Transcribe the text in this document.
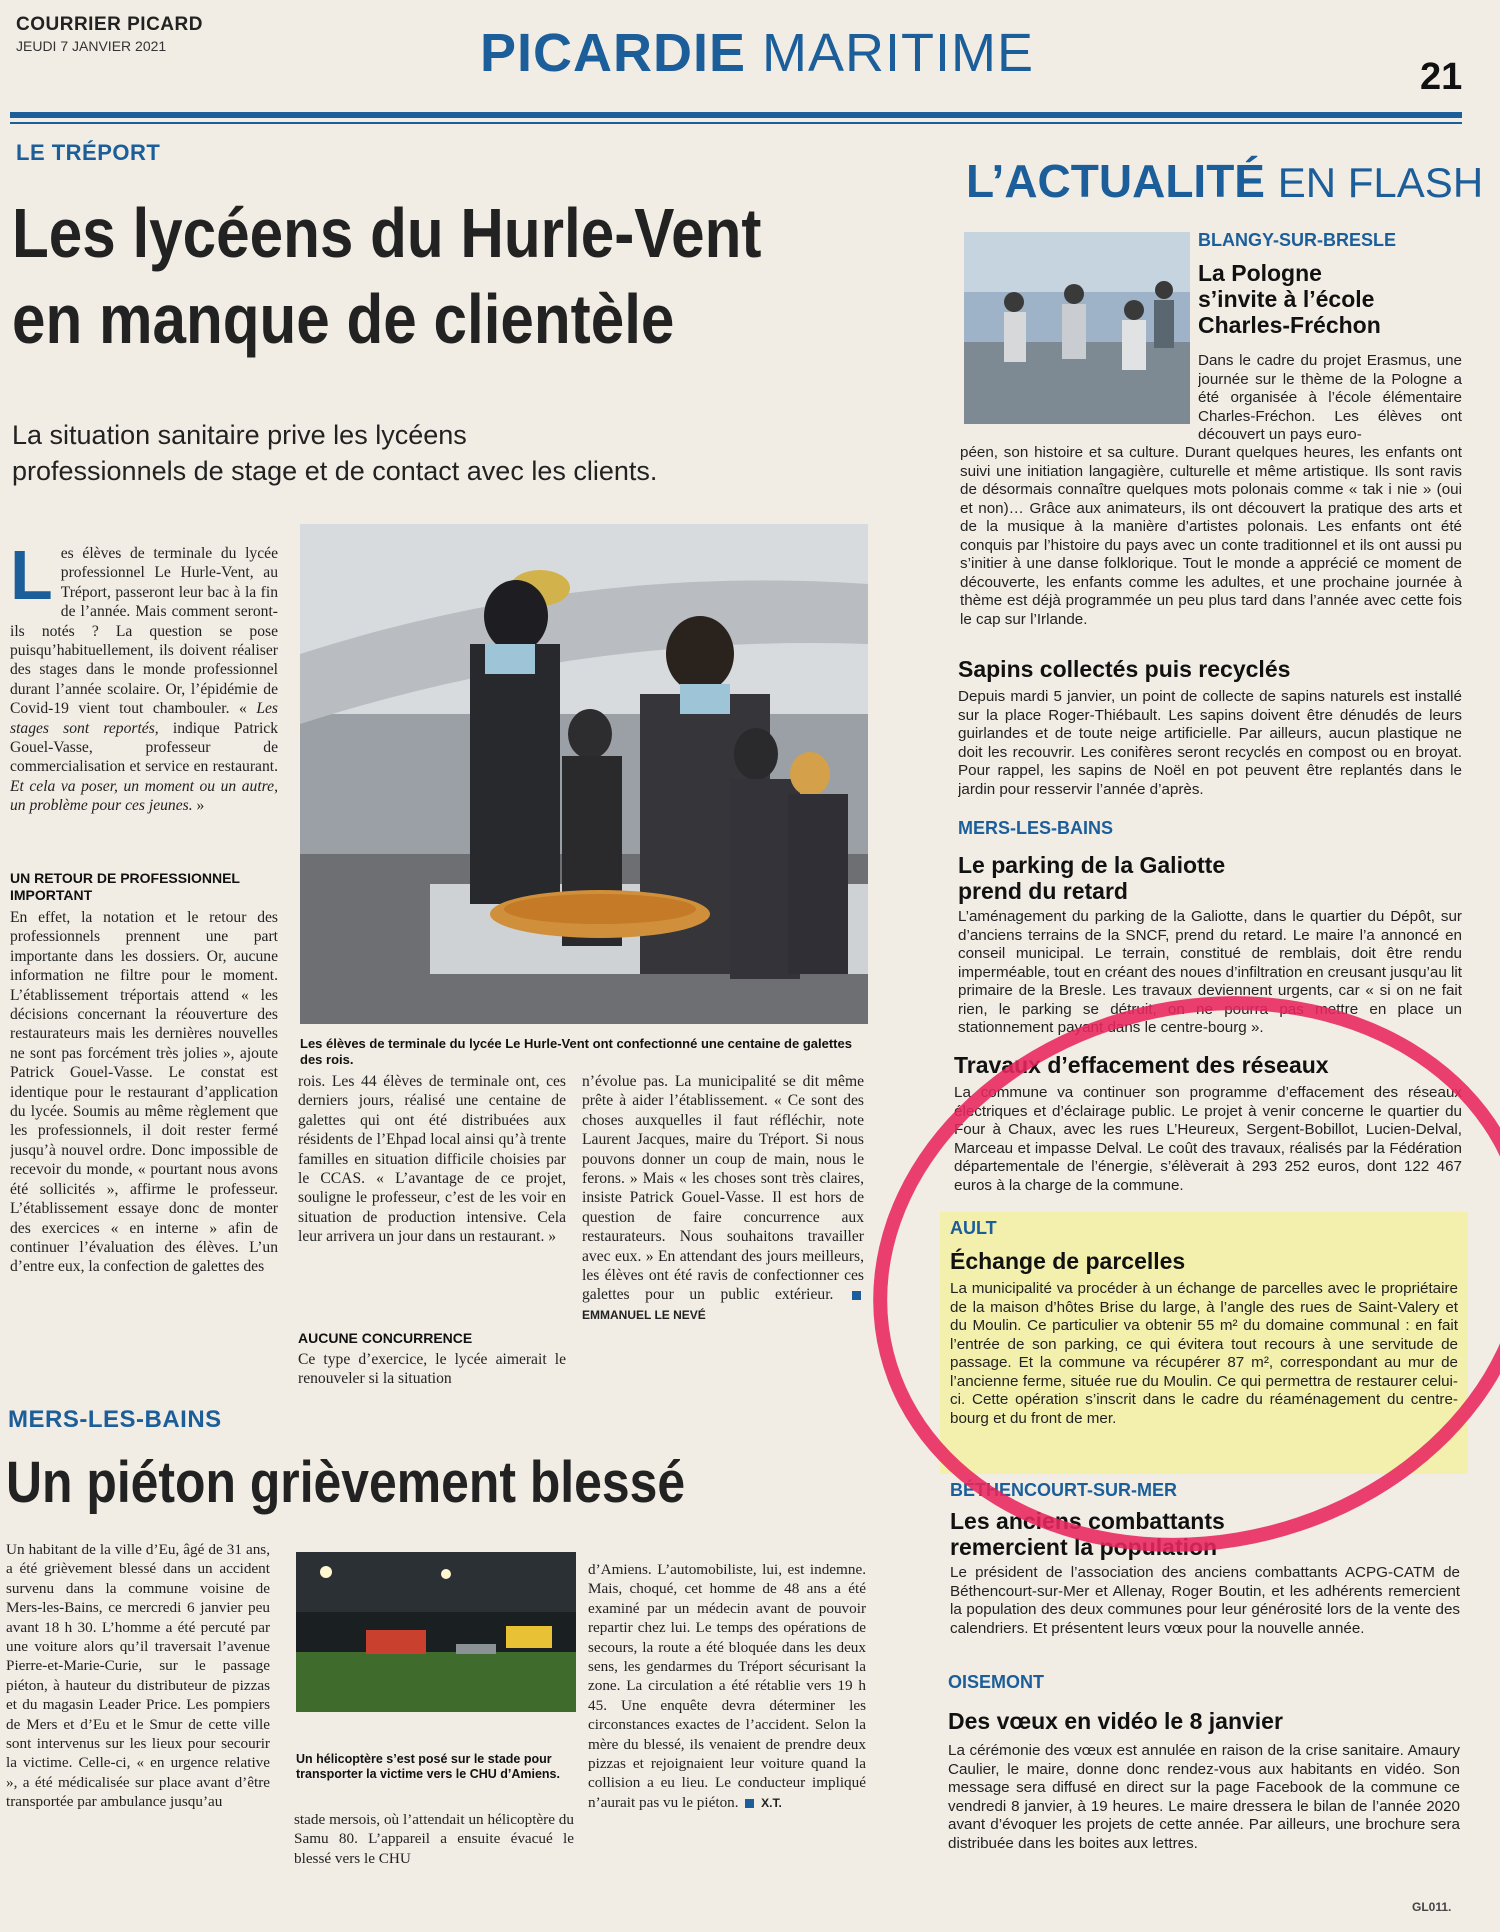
COURRIER PICARD
JEUDI 7 JANVIER 2021	PICARDIE MARITIME	21
LE TRÉPORT
Les lycéens du Hurle-Vent
en manque de clientèle
La situation sanitaire prive les lycéens
professionnels de stage et de contact avec les clients.
L es élèves de terminale du lycée professionnel Le Hurle-Vent, au Tréport, passeront leur bac à la fin de l’année. Mais comment seront-ils notés ? La question se pose puisqu’habituellement, ils doivent réaliser des stages dans le monde professionnel durant l’année scolaire. Or, l’épidémie de Covid-19 vient tout chambouler. « Les stages sont reportés, indique Patrick Gouel-Vasse, professeur de commercialisation et service en restaurant. Et cela va poser, un moment ou un autre, un problème pour ces jeunes. »
UN RETOUR DE PROFESSIONNEL IMPORTANT
En effet, la notation et le retour des professionnels prennent une part importante dans les dossiers. Or, aucune information ne filtre pour le moment. L’établissement tréportais attend « les décisions concernant la réouverture des restaurateurs mais les dernières nouvelles ne sont pas forcément très jolies », ajoute Patrick Gouel-Vasse. Le constat est identique pour le restaurant d’application du lycée. Soumis au même règlement que les professionnels, il doit rester fermé jusqu’à nouvel ordre. Donc impossible de recevoir du monde, « pourtant nous avons été sollicités », affirme le professeur. L’établissement essaye donc de monter des exercices « en interne » afin de continuer l’évaluation des élèves. L’un d’entre eux, la confection de galettes des
Les élèves de terminale du lycée Le Hurle-Vent ont confectionné une centaine de galettes des rois.
rois. Les 44 élèves de terminale ont, ces derniers jours, réalisé une centaine de galettes qui ont été distribuées aux résidents de l’Ehpad local ainsi qu’à trente familles en situation difficile choisies par le CCAS. « L’avantage de ce projet, souligne le professeur, c’est de les voir en situation de production intensive. Cela leur arrivera un jour dans un restaurant. »
AUCUNE CONCURRENCE
Ce type d’exercice, le lycée aimerait le renouveler si la situation
n’évolue pas. La municipalité se dit même prête à aider l’établissement. « Ce sont des choses auxquelles il faut réfléchir, note Laurent Jacques, maire du Tréport. Si nous pouvons donner un coup de main, nous le ferons. » Mais « les choses sont très claires, insiste Patrick Gouel-Vasse. Il est hors de question de faire concurrence aux restaurateurs. Nous souhaitons travailler avec eux. » En attendant des jours meilleurs, les élèves ont été ravis de confectionner ces galettes pour un public extérieur.  EMMANUEL LE NEVÉ
MERS-LES-BAINS
Un piéton grièvement blessé
Un habitant de la ville d’Eu, âgé de 31 ans, a été grièvement blessé dans un accident survenu dans la commune voisine de Mers-les-Bains, ce mercredi 6 janvier peu avant 18 h 30. L’homme a été percuté par une voiture alors qu’il traversait l’avenue Pierre-et-Marie-Curie, sur le passage piéton, à hauteur du distributeur de pizzas et du magasin Leader Price. Les pompiers de Mers et d’Eu et le Smur de cette ville sont intervenus sur les lieux pour secourir la victime. Celle-ci, « en urgence relative », a été médicalisée sur place avant d’être transportée par ambulance jusqu’au
Un hélicoptère s’est posé sur le stade pour transporter la victime vers le CHU d’Amiens.
stade mersois, où l’attendait un hélicoptère du Samu 80. L’appareil a ensuite évacué le blessé vers le CHU
d’Amiens. L’automobiliste, lui, est indemne. Mais, choqué, cet homme de 48 ans a été examiné par un médecin avant de pouvoir repartir chez lui. Le temps des opérations de secours, la route a été bloquée dans les deux sens, les gendarmes du Tréport sécurisant la zone. La circulation a été rétablie vers 19 h 45. Une enquête devra déterminer les circonstances exactes de l’accident. Selon la mère du blessé, ils venaient de prendre deux pizzas et rejoignaient leur voiture quand la collision a eu lieu. Le conducteur impliqué n’aurait pas vu le piéton. X.T.
L’ACTUALITÉ EN FLASH
BLANGY-SUR-BRESLE
La Pologne
s’invite à l’école
Charles-Fréchon
Dans le cadre du projet Erasmus, une journée sur le thème de la Pologne a été organisée à l’école élémentaire Charles-Fréchon. Les élèves ont découvert un pays euro-
péen, son histoire et sa culture. Durant quelques heures, les enfants ont suivi une initiation langagière, culturelle et même artistique. Ils sont ravis de désormais connaître quelques mots polonais comme « tak i nie » (oui et non)… Grâce aux animateurs, ils ont découvert la pratique des arts et de la musique à la manière d’artistes polonais. Les enfants ont été conquis par l’histoire du pays avec un conte traditionnel et ils ont aussi pu s’initier à une danse folklorique. Tout le monde a apprécié ce moment de découverte, les enfants comme les adultes, et une prochaine journée à thème est déjà programmée un peu plus tard dans l’année avec cette fois le cap sur l’Irlande.
Sapins collectés puis recyclés
Depuis mardi 5 janvier, un point de collecte de sapins naturels est installé sur la place Roger-Thiébault. Les sapins doivent être dénudés de leurs guirlandes et de toute neige artificielle. Par ailleurs, aucun plastique ne doit les recouvrir. Les conifères seront recyclés en compost ou en broyat. Pour rappel, les sapins de Noël en pot peuvent être replantés dans le jardin pour resservir l’année d’après.
MERS-LES-BAINS
Le parking de la Galiotte
prend du retard
L’aménagement du parking de la Galiotte, dans le quartier du Dépôt, sur d’anciens terrains de la SNCF, prend du retard. Le maire l’a annoncé en conseil municipal. Le terrain, constitué de remblais, doit être rendu imperméable, tout en créant des noues d’infiltration en creusant jusqu’au lit primaire de la Bresle. Les travaux deviennent urgents, car « si on ne fait rien, le parking se détruit, on ne pourra pas mettre en place un stationnement payant dans le centre-bourg ».
Travaux d’effacement des réseaux
La commune va continuer son programme d’effacement des réseaux électriques et d’éclairage public. Le projet à venir concerne le quartier du Four à Chaux, avec les rues L’Heureux, Sergent-Bobillot, Lucien-Delval, Marceau et impasse Delval. Le coût des travaux, réalisés par la Fédération départementale de l’énergie, s’élèverait à 293 252 euros, dont 122 467 euros à la charge de la commune.
AULT
Échange de parcelles
La municipalité va procéder à un échange de parcelles avec le propriétaire de la maison d’hôtes Brise du large, à l’angle des rues de Saint-Valery et du Moulin. Ce particulier va obtenir 55 m² du domaine communal : en fait l’entrée de son parking, ce qui évitera tout recours à une servitude de passage. Et la commune va récupérer 87 m², correspondant au mur de l’ancienne ferme, située rue du Moulin. Ce qui permettra de restaurer celui-ci. Cette opération s’inscrit dans le cadre du réaménagement du centre-bourg et du front de mer.
BÉTHENCOURT-SUR-MER
Les anciens combattants
remercient la population
Le président de l’association des anciens combattants ACPG-CATM de Béthencourt-sur-Mer et Allenay, Roger Boutin, et les adhérents remercient la population des deux communes pour leur générosité lors de la vente des calendriers. Et présentent leurs vœux pour la nouvelle année.
OISEMONT
Des vœux en vidéo le 8 janvier
La cérémonie des vœux est annulée en raison de la crise sanitaire. Amaury Caulier, le maire, donne donc rendez-vous aux habitants en vidéo. Son message sera diffusé en direct sur la page Facebook de la commune ce vendredi 8 janvier, à 19 heures. Le maire dressera le bilan de l’année 2020 avant d’évoquer les projets de cette année. Par ailleurs, une brochure sera distribuée dans les boites aux lettres.
GL011.
